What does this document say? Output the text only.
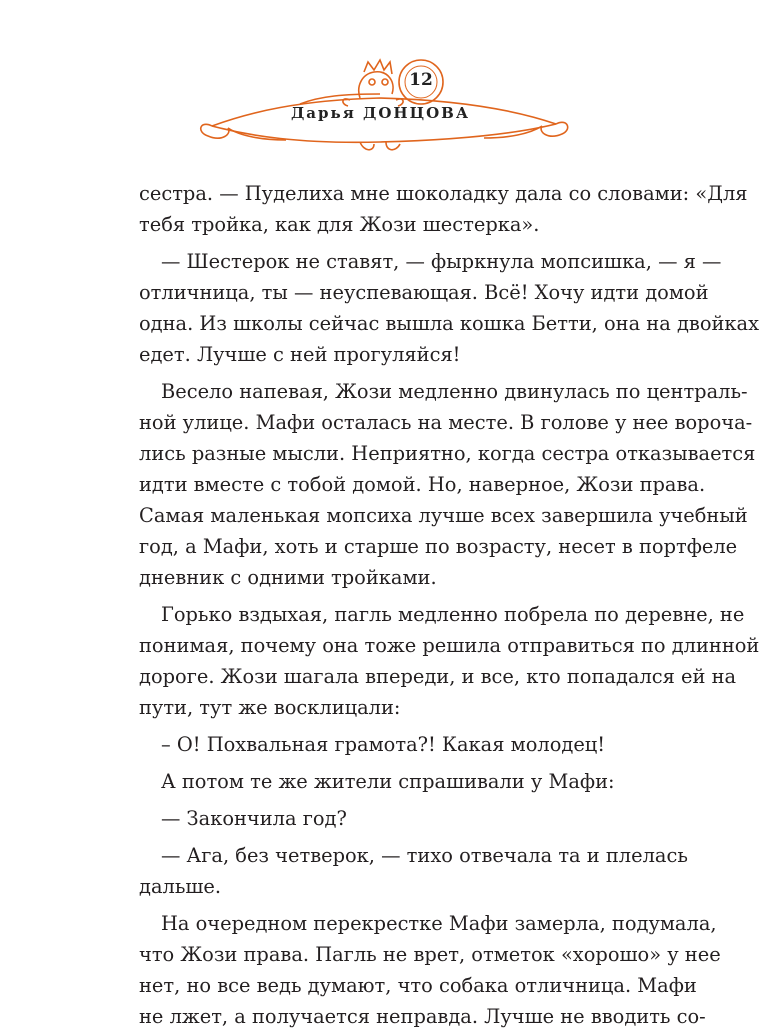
12
Дарья ДОНЦОВА
сестра. — Пуделиха мне шоколадку дала со словами: «Для
тебя тройка, как для Жози шестерка».
— Шестерок не ставят, — фыркнула мопсишка, — я —
отличница, ты — неуспевающая. Всё! Хочу идти домой
одна. Из школы сейчас вышла кошка Бетти, она на двойках
едет. Лучше с ней прогуляйся!
Весело напевая, Жози медленно двинулась по централь-
ной улице. Мафи осталась на месте. В голове у нее вороча-
лись разные мысли. Неприятно, когда сестра отказывается
идти вместе с тобой домой. Но, наверное, Жози права.
Самая маленькая мопсиха лучше всех завершила учебный
год, а Мафи, хоть и старше по возрасту, несет в портфеле
дневник с одними тройками.
Горько вздыхая, пагль медленно побрела по деревне, не
понимая, почему она тоже решила отправиться по длинной
дороге. Жози шагала впереди, и все, кто попадался ей на
пути, тут же восклицали:
– О! Похвальная грамота?! Какая молодец!
А потом те же жители спрашивали у Мафи:
— Закончила год?
— Ага, без четверок, — тихо отвечала та и плелась
дальше.
На очередном перекрестке Мафи замерла, подумала,
что Жози права. Пагль не врет, отметок «хорошо» у нее
нет, но все ведь думают, что собака отличница. Мафи
не лжет, а получается неправда. Лучше не вводить со-
